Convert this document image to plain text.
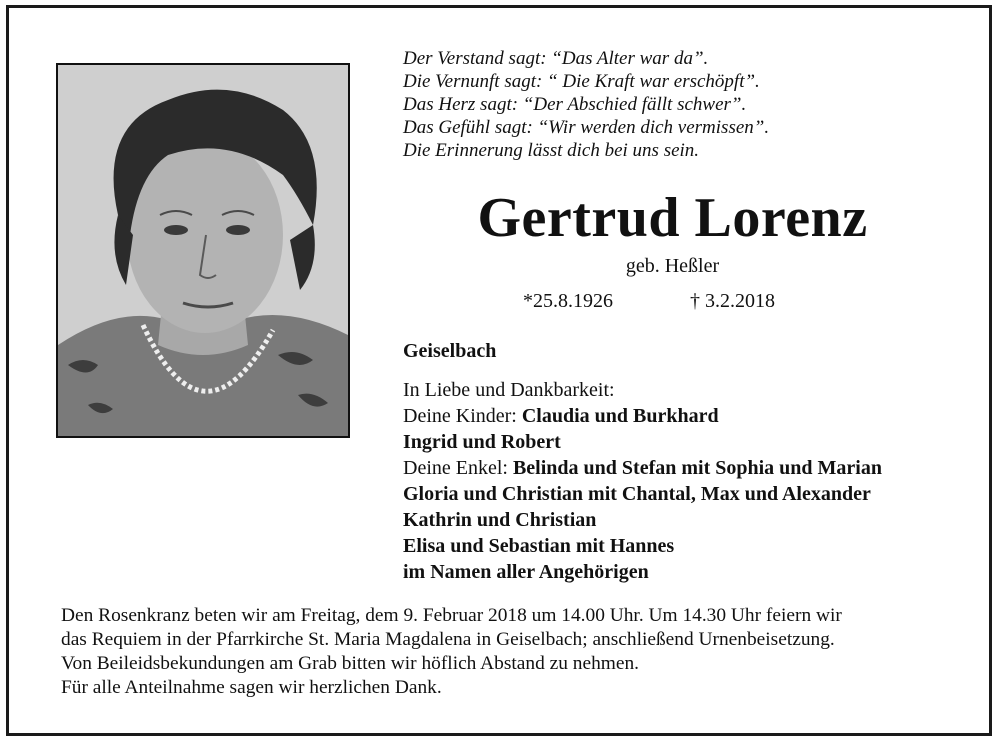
Der Verstand sagt: “Das Alter war da”.
Die Vernunft sagt: “ Die Kraft war erschöpft”.
Das Herz sagt: “Der Abschied fällt schwer”.
Das Gefühl sagt: “Wir werden dich vermissen”.
Die Erinnerung lässt dich bei uns sein.
Gertrud Lorenz
geb. Heßler
*25.8.1926	† 3.2.2018
Geiselbach
In Liebe und Dankbarkeit:
Deine Kinder: Claudia und Burkhard
Ingrid und Robert
Deine Enkel: Belinda und Stefan mit Sophia und Marian
Gloria und Christian mit Chantal, Max und Alexander
Kathrin und Christian
Elisa und Sebastian mit Hannes
im Namen aller Angehörigen
Den Rosenkranz beten wir am Freitag, dem 9. Februar 2018 um 14.00 Uhr. Um 14.30 Uhr feiern wir
das Requiem in der Pfarrkirche St. Maria Magdalena in Geiselbach; anschließend Urnenbeisetzung.
Von Beileidsbekundungen am Grab bitten wir höflich Abstand zu nehmen.
Für alle Anteilnahme sagen wir herzlichen Dank.
